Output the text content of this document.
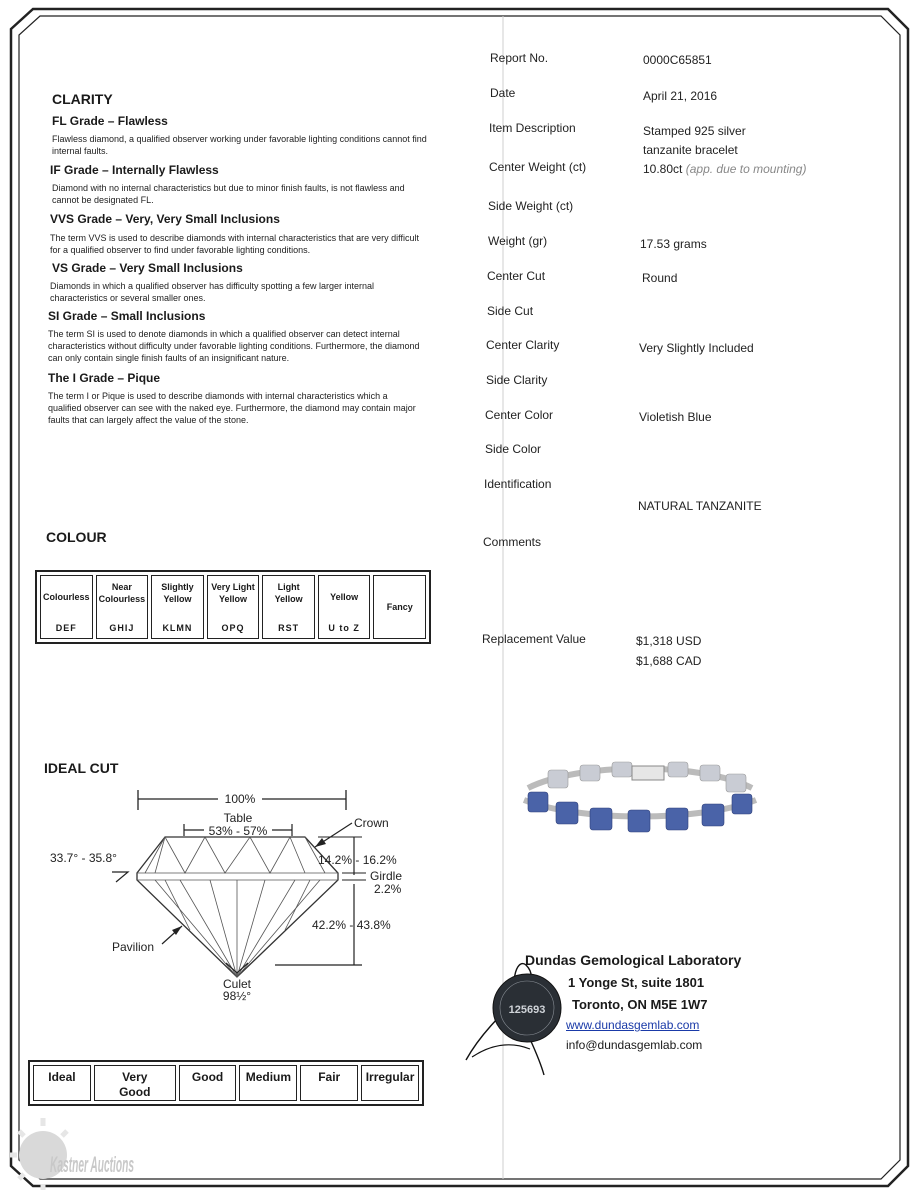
CLARITY
FL Grade – Flawless
Flawless diamond, a qualified observer working under favorable lighting conditions cannot find internal faults.
IF Grade – Internally Flawless
Diamond with no internal characteristics but due to minor finish faults, is not flawless and cannot be designated FL.
VVS Grade – Very, Very Small Inclusions
The term VVS is used to describe diamonds with internal characteristics that are very difficult for a qualified observer to find under favorable lighting conditions.
VS Grade – Very Small Inclusions
Diamonds in which a qualified observer has difficulty spotting a few larger internal characteristics or several smaller ones.
SI Grade – Small Inclusions
The term SI is used to denote diamonds in which a qualified observer can detect internal characteristics without difficulty under favorable lighting conditions. Furthermore, the diamond can only contain single finish faults of an insignificant nature.
The I Grade – Pique
The term I or Pique is used to describe diamonds with internal characteristics which a qualified observer can see with the naked eye. Furthermore, the diamond may contain major faults that can largely affect the value of the stone.
Report No.	0000C65851
Date	April 21, 2016
Item Description	Stamped 925 silver
tanzanite bracelet
Center Weight (ct)	10.80ct (app. due to mounting)
Side Weight (ct)
Weight (gr)	17.53 grams
Center Cut	Round
Side Cut
Center Clarity	Very Slightly Included
Side Clarity
Center Color	Violetish Blue
Side Color
Identification
NATURAL TANZANITE
Comments
Replacement Value	$1,318 USD
$1,688 CAD
COLOUR
Colourless
DEF
Near Colourless
GHIJ
Slightly Yellow
KLMN
Very Light Yellow
OPQ
Light Yellow
RST
Yellow
U to Z
Fancy
IDEAL CUT
100%
Table
53% - 57%
Crown
33.7° - 35.8°	14.2% - 16.2%
Girdle
2.2%
42.2% - 43.8%
Pavilion
Culet
98½°
Ideal	Very Good
Good	Medium	Fair	Irregular
Dundas Gemological Laboratory
1 Yonge St, suite 1801
Toronto, ON M5E 1W7
www.dundasgemlab.com
info@dundasgemlab.com
125693
Kastner Auctions
